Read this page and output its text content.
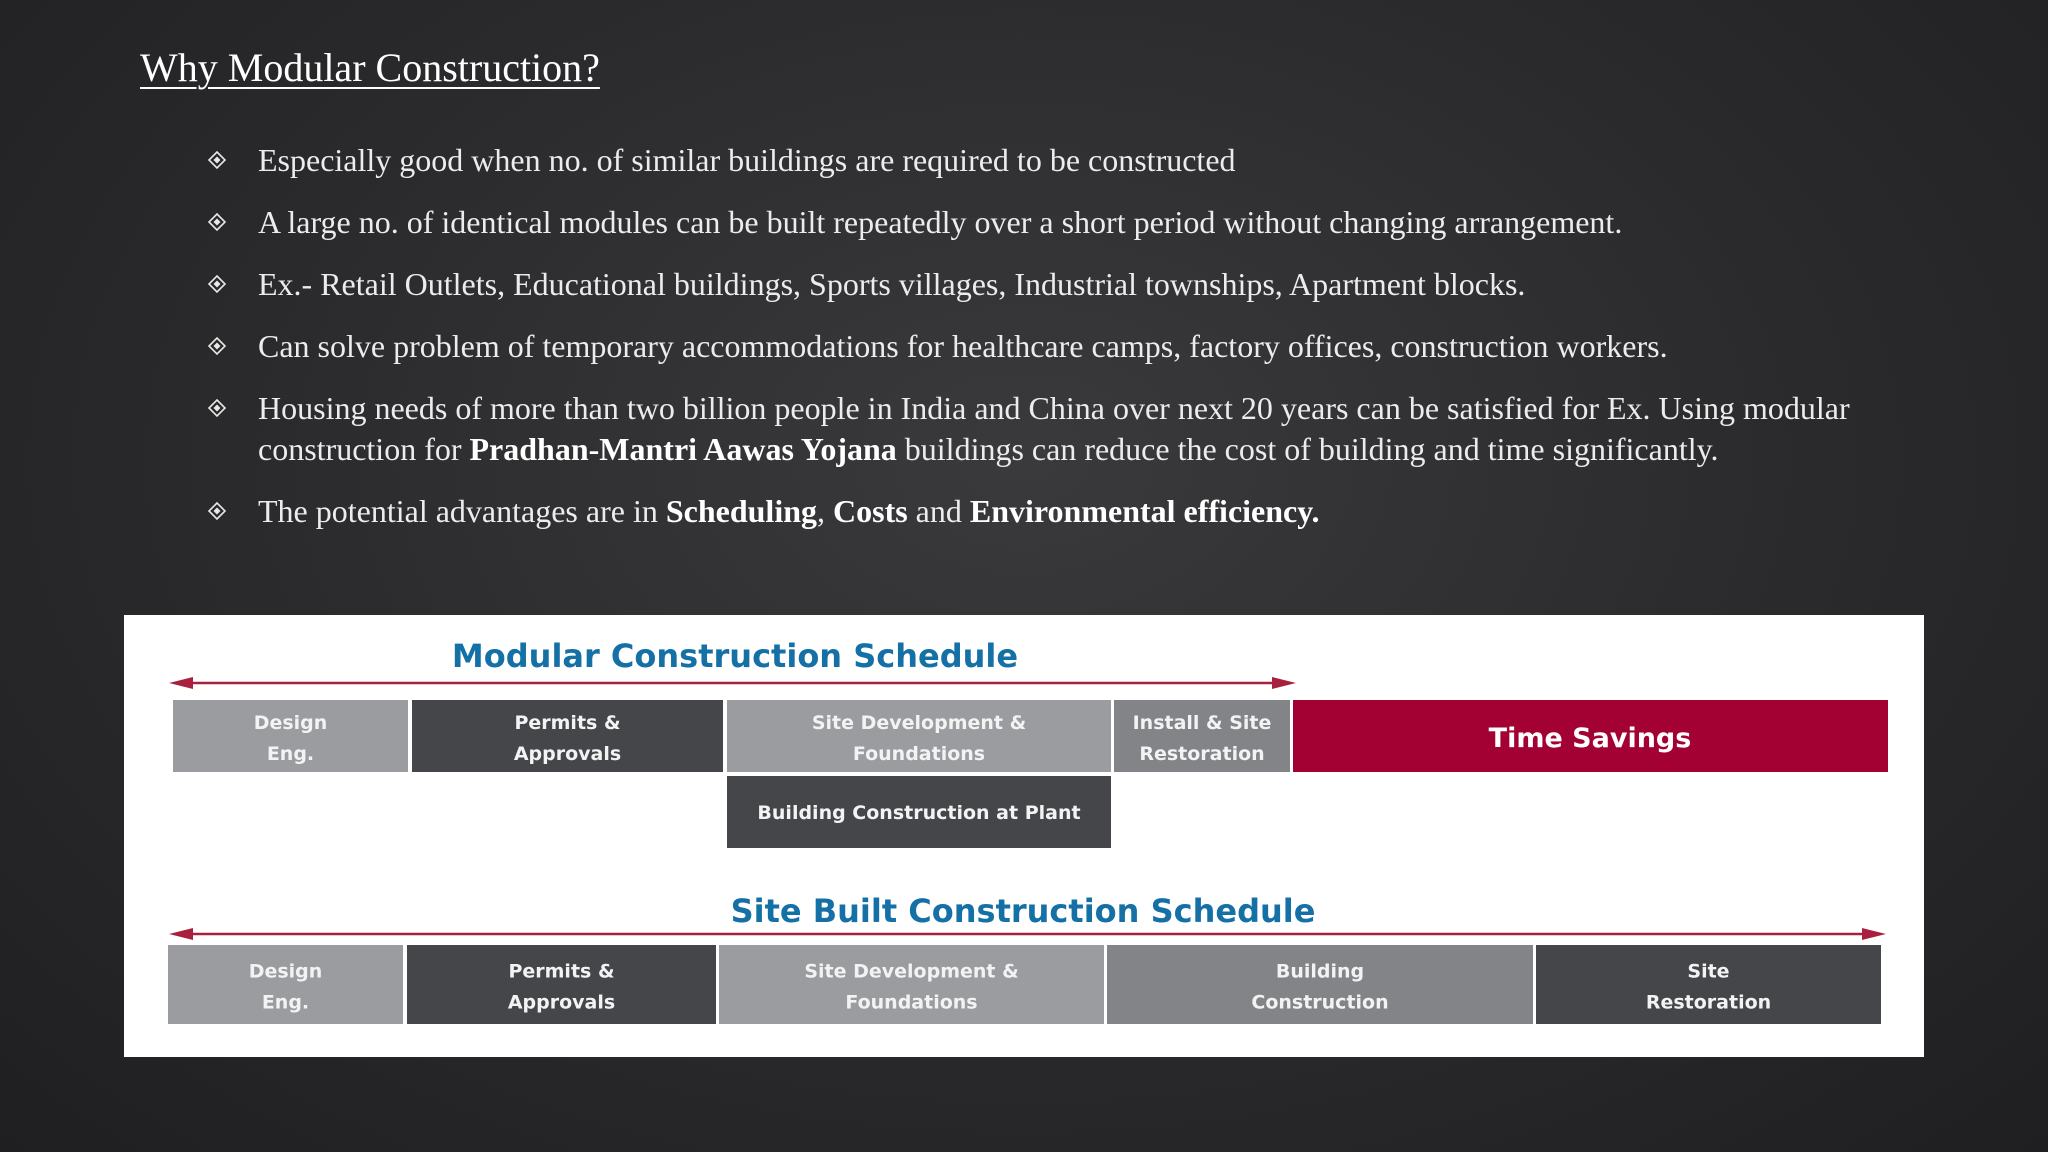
Why Modular Construction?
Especially good when no. of similar buildings are required to be constructed
A large no. of identical modules can be built repeatedly over a short period without changing arrangement.
Ex.- Retail Outlets, Educational buildings, Sports villages, Industrial townships, Apartment blocks.
Can solve problem of temporary accommodations for healthcare camps, factory offices, construction workers.
Housing needs of more than two billion people in India and China over next 20 years can be satisfied for Ex. Using modular construction for Pradhan-Mantri Aawas Yojana buildings can reduce the cost of building and time significantly.
The potential advantages are in Scheduling, Costs and Environmental efficiency.
Modular Construction Schedule
Design
Eng.
Permits &
Approvals
Site Development &
Foundations
Install & Site
Restoration
Building Construction at Plant
Time Savings
Site Built Construction Schedule
Design
Eng.
Permits &
Approvals
Site Development &
Foundations
Building
Construction
Site
Restoration
